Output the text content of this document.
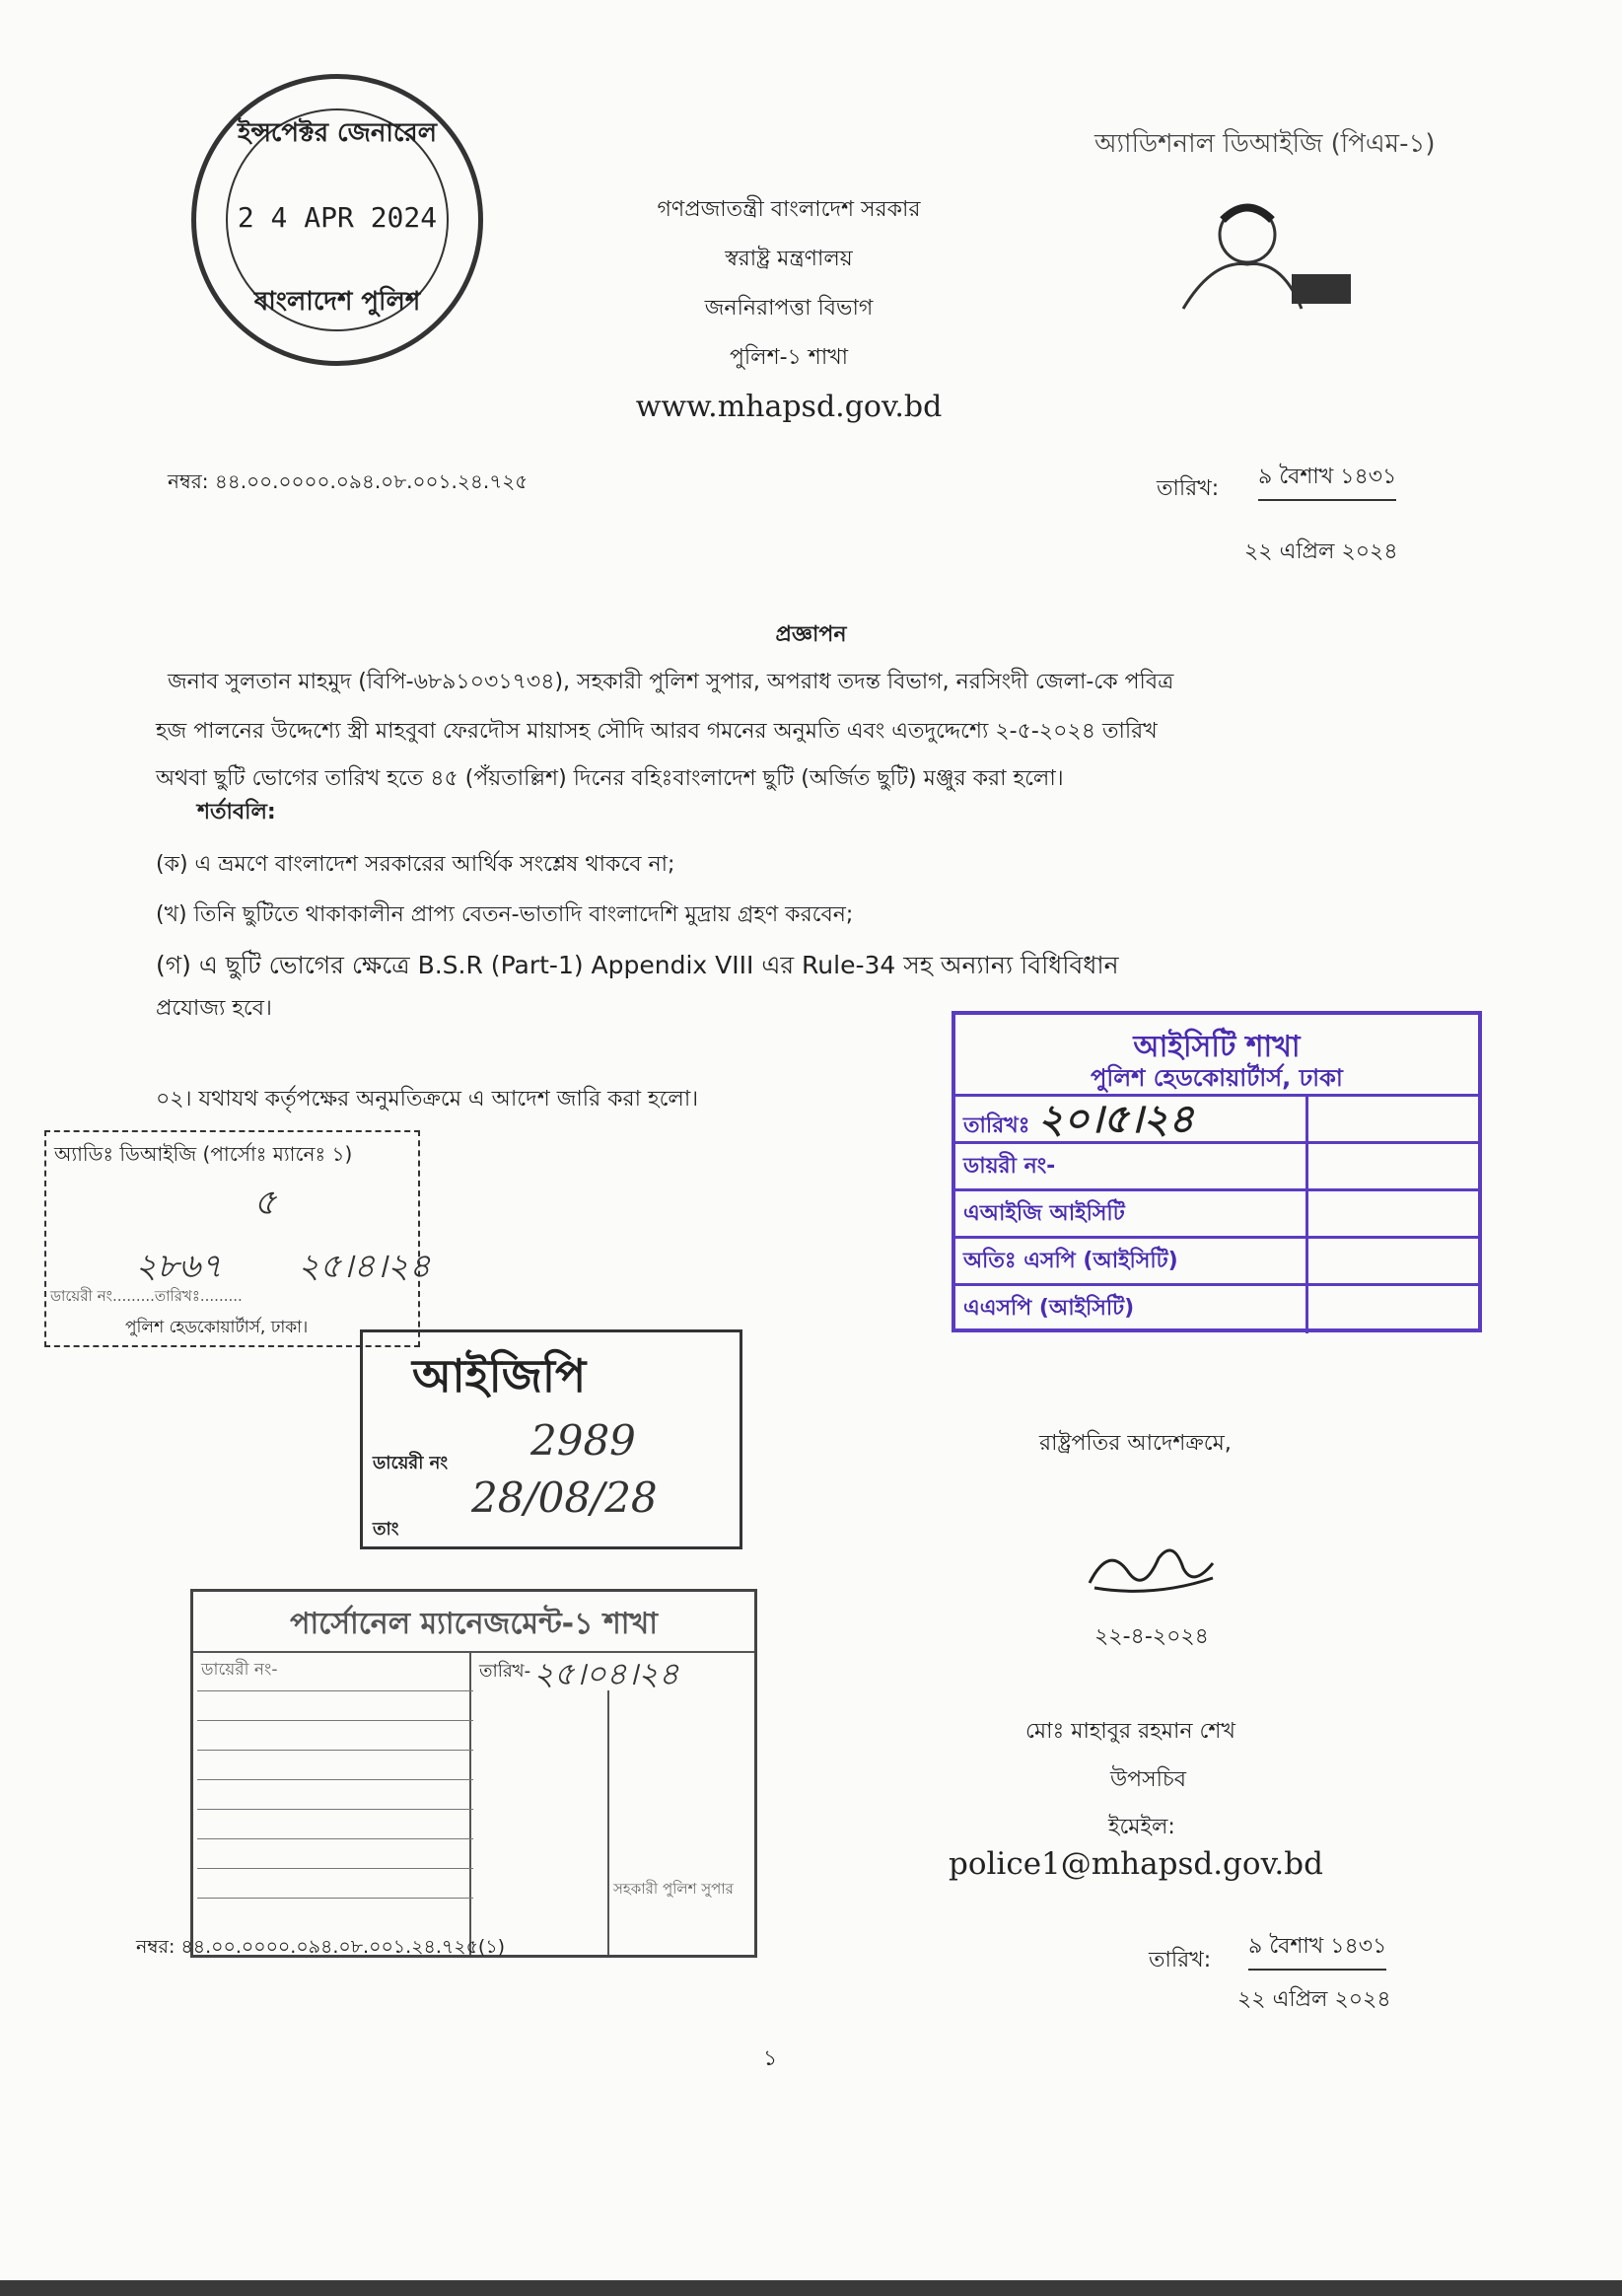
অ্যাডিশনাল ডিআইজি (পিএম-১)
ইন্সপেক্টর জেনারেল
2 4 APR 2024
বাংলাদেশ পুলিশ
গণপ্রজাতন্ত্রী বাংলাদেশ সরকার
স্বরাষ্ট্র মন্ত্রণালয়
জননিরাপত্তা বিভাগ
পুলিশ-১ শাখা
www.mhapsd.gov.bd
নম্বর: ৪৪.০০.০০০০.০৯৪.০৮.০০১.২৪.৭২৫	তারিখ: ৯ বৈশাখ ১৪৩১
২২ এপ্রিল ২০২৪
প্রজ্ঞাপন
জনাব সুলতান মাহমুদ (বিপি-৬৮৯১০৩১৭৩৪), সহকারী পুলিশ সুপার, অপরাধ তদন্ত বিভাগ, নরসিংদী জেলা-কে পবিত্র
হজ পালনের উদ্দেশ্যে স্ত্রী মাহবুবা ফেরদৌস মায়াসহ সৌদি আরব গমনের অনুমতি এবং এতদুদ্দেশ্যে ২-৫-২০২৪ তারিখ
অথবা ছুটি ভোগের তারিখ হতে ৪৫ (পঁয়তাল্লিশ) দিনের বহিঃবাংলাদেশ ছুটি (অর্জিত ছুটি) মঞ্জুর করা হলো।
শর্তাবলি:
(ক) এ ভ্রমণে বাংলাদেশ সরকারের আর্থিক সংশ্লেষ থাকবে না;
(খ) তিনি ছুটিতে থাকাকালীন প্রাপ্য বেতন-ভাতাদি বাংলাদেশি মুদ্রায় গ্রহণ করবেন;
(গ) এ ছুটি ভোগের ক্ষেত্রে B.S.R (Part-1) Appendix VIII এর Rule-34 সহ অন্যান্য বিধিবিধান
প্রযোজ্য হবে।
০২। যথাযথ কর্তৃপক্ষের অনুমতিক্রমে এ আদেশ জারি করা হলো।
আইসিটি শাখা
পুলিশ হেডকোয়ার্টার্স, ঢাকা
তারিখঃ ২০।৫।২৪
ডায়রী নং-
এআইজি আইসিটি
অতিঃ এসপি (আইসিটি)
এএসপি (আইসিটি)
অ্যাডিঃ ডিআইজি (পার্সোঃ ম্যানেঃ ১)
৫
২৮৬৭ ২৫।৪।২৪
ডায়েরী নং.........তারিখঃ.........
পুলিশ হেডকোয়ার্টার্স, ঢাকা।
আইজিপি
ডায়েরী নং 2989
তাং
28/08/28
পার্সোনেল ম্যানেজমেন্ট-১ শাখা
ডায়েরী নং-	তারিখ- ২৫।০৪।২৪
সহকারী পুলিশ সুপার
নম্বর: ৪৪.০০.০০০০.০৯৪.০৮.০০১.২৪.৭২৫(১)
রাষ্ট্রপতির আদেশক্রমে,
২২-৪-২০২৪
মোঃ মাহাবুর রহমান শেখ
উপসচিব
ইমেইল:
police1@mhapsd.gov.bd
তারিখ:
৯ বৈশাখ ১৪৩১
২২ এপ্রিল ২০২৪
১
